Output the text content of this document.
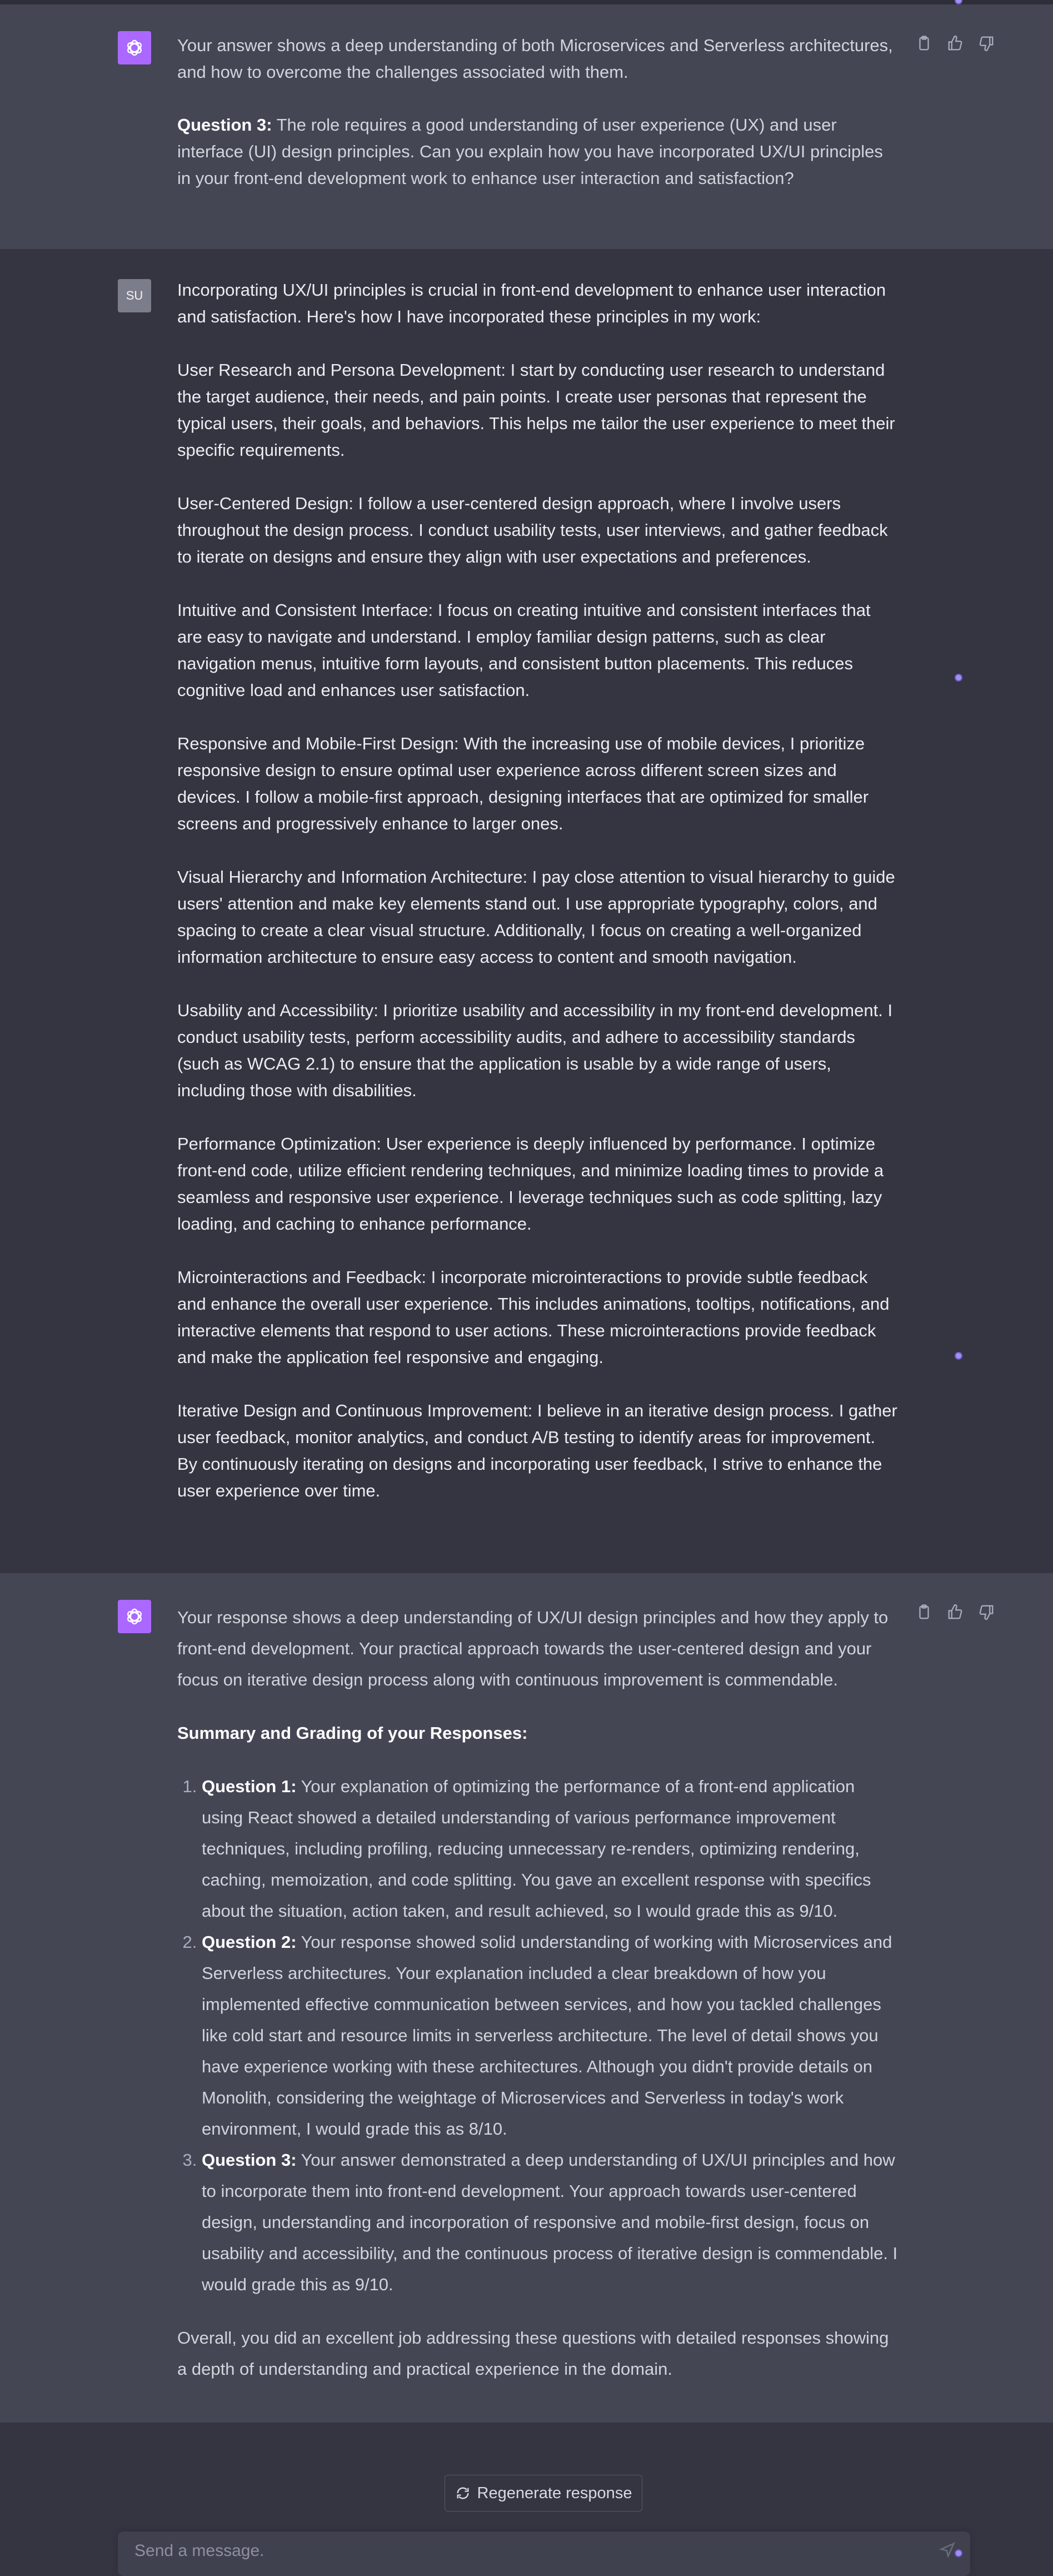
Your answer shows a deep understanding of both Microservices and Serverless architectures, and how to overcome the challenges associated with them.

Question 3: The role requires a good understanding of user experience (UX) and user interface (UI) design principles. Can you explain how you have incorporated UX/UI principles in your front-end development work to enhance user interaction and satisfaction?

SU	Incorporating UX/UI principles is crucial in front-end development to enhance user interaction and satisfaction. Here's how I have incorporated these principles in my work:

User Research and Persona Development: I start by conducting user research to understand the target audience, their needs, and pain points. I create user personas that represent the typical users, their goals, and behaviors. This helps me tailor the user experience to meet their specific requirements.

User-Centered Design: I follow a user-centered design approach, where I involve users throughout the design process. I conduct usability tests, user interviews, and gather feedback to iterate on designs and ensure they align with user expectations and preferences.

Intuitive and Consistent Interface: I focus on creating intuitive and consistent interfaces that are easy to navigate and understand. I employ familiar design patterns, such as clear navigation menus, intuitive form layouts, and consistent button placements. This reduces cognitive load and enhances user satisfaction.

Responsive and Mobile-First Design: With the increasing use of mobile devices, I prioritize responsive design to ensure optimal user experience across different screen sizes and devices. I follow a mobile-first approach, designing interfaces that are optimized for smaller screens and progressively enhance to larger ones.

Visual Hierarchy and Information Architecture: I pay close attention to visual hierarchy to guide users' attention and make key elements stand out. I use appropriate typography, colors, and spacing to create a clear visual structure. Additionally, I focus on creating a well-organized information architecture to ensure easy access to content and smooth navigation.

Usability and Accessibility: I prioritize usability and accessibility in my front-end development. I conduct usability tests, perform accessibility audits, and adhere to accessibility standards (such as WCAG 2.1) to ensure that the application is usable by a wide range of users, including those with disabilities.

Performance Optimization: User experience is deeply influenced by performance. I optimize front-end code, utilize efficient rendering techniques, and minimize loading times to provide a seamless and responsive user experience. I leverage techniques such as code splitting, lazy loading, and caching to enhance performance.

Microinteractions and Feedback: I incorporate microinteractions to provide subtle feedback and enhance the overall user experience. This includes animations, tooltips, notifications, and interactive elements that respond to user actions. These microinteractions provide feedback and make the application feel responsive and engaging.

Iterative Design and Continuous Improvement: I believe in an iterative design process. I gather user feedback, monitor analytics, and conduct A/B testing to identify areas for improvement. By continuously iterating on designs and incorporating user feedback, I strive to enhance the user experience over time.

Your response shows a deep understanding of UX/UI design principles and how they apply to front-end development. Your practical approach towards the user-centered design and your focus on iterative design process along with continuous improvement is commendable.

Summary and Grading of your Responses:

1. Question 1: Your explanation of optimizing the performance of a front-end application using React showed a detailed understanding of various performance improvement techniques, including profiling, reducing unnecessary re-renders, optimizing rendering, caching, memoization, and code splitting. You gave an excellent response with specifics about the situation, action taken, and result achieved, so I would grade this as 9/10.
2. Question 2: Your response showed solid understanding of working with Microservices and Serverless architectures. Your explanation included a clear breakdown of how you implemented effective communication between services, and how you tackled challenges like cold start and resource limits in serverless architecture. The level of detail shows you have experience working with these architectures. Although you didn't provide details on Monolith, considering the weightage of Microservices and Serverless in today's work environment, I would grade this as 8/10.
3. Question 3: Your answer demonstrated a deep understanding of UX/UI principles and how to incorporate them into front-end development. Your approach towards user-centered design, understanding and incorporation of responsive and mobile-first design, focus on usability and accessibility, and the continuous process of iterative design is commendable. I would grade this as 9/10.

Overall, you did an excellent job addressing these questions with detailed responses showing a depth of understanding and practical experience in the domain.

Regenerate response
Send a message.
